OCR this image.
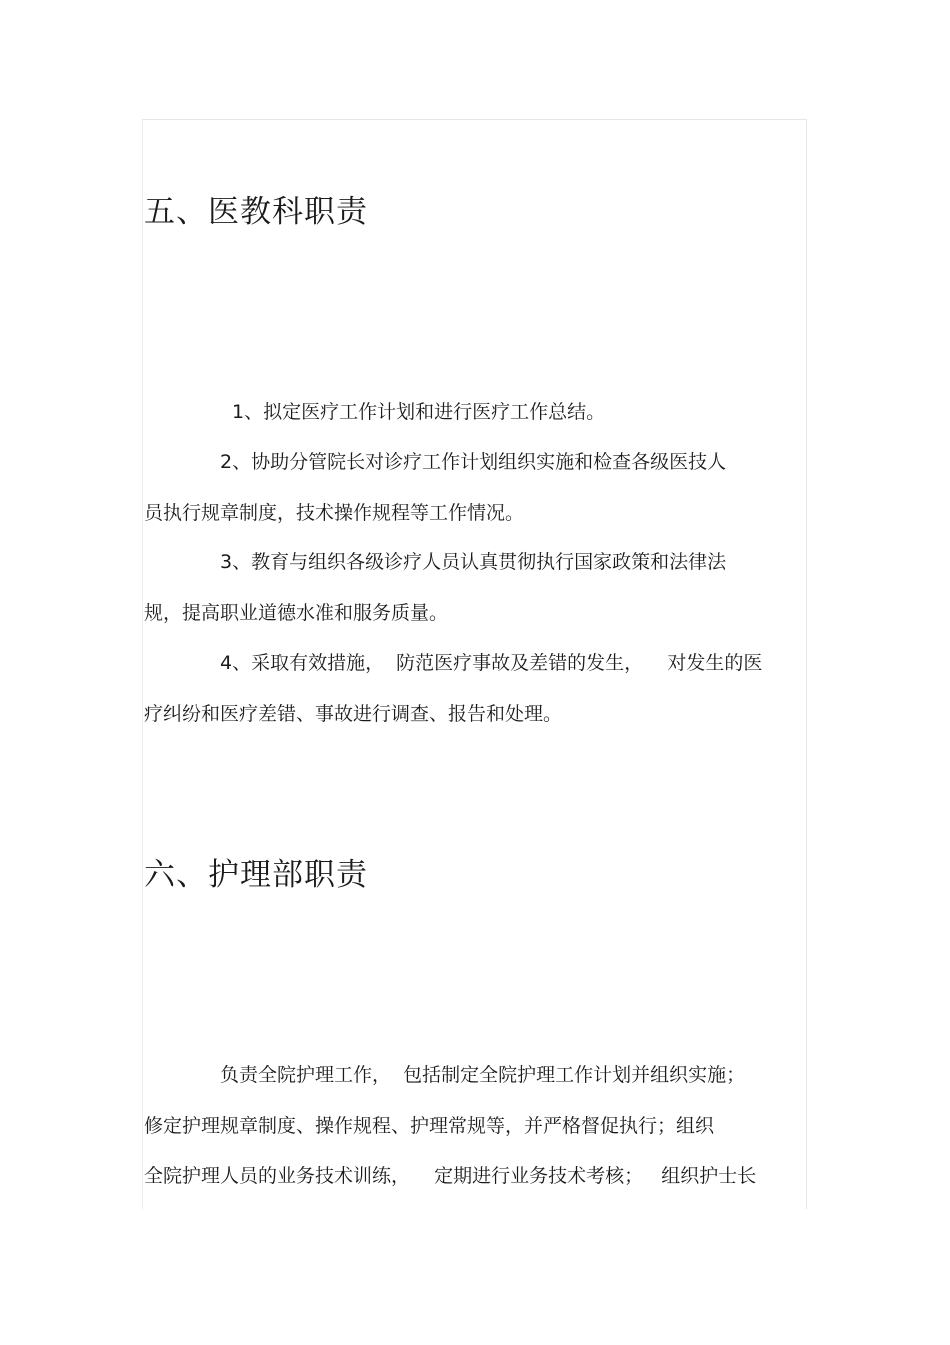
五、医教科职责

1、拟定医疗工作计划和进行医疗工作总结。

2、协助分管院长对诊疗工作计划组织实施和检查各级医技人

员执行规章制度，技术操作规程等工作情况。

3、教育与组织各级诊疗人员认真贯彻执行国家政策和法律法

规，提高职业道德水准和服务质量。

4、采取有效措施，  防范医疗事故及差错的发生，    对发生的医

疗纠纷和医疗差错、事故进行调查、报告和处理。

六、护理部职责

负责全院护理工作，  包括制定全院护理工作计划并组织实施；

修定护理规章制度、操作规程、护理常规等，并严格督促执行；组织

全院护理人员的业务技术训练，    定期进行业务技术考核；   组织护士长
